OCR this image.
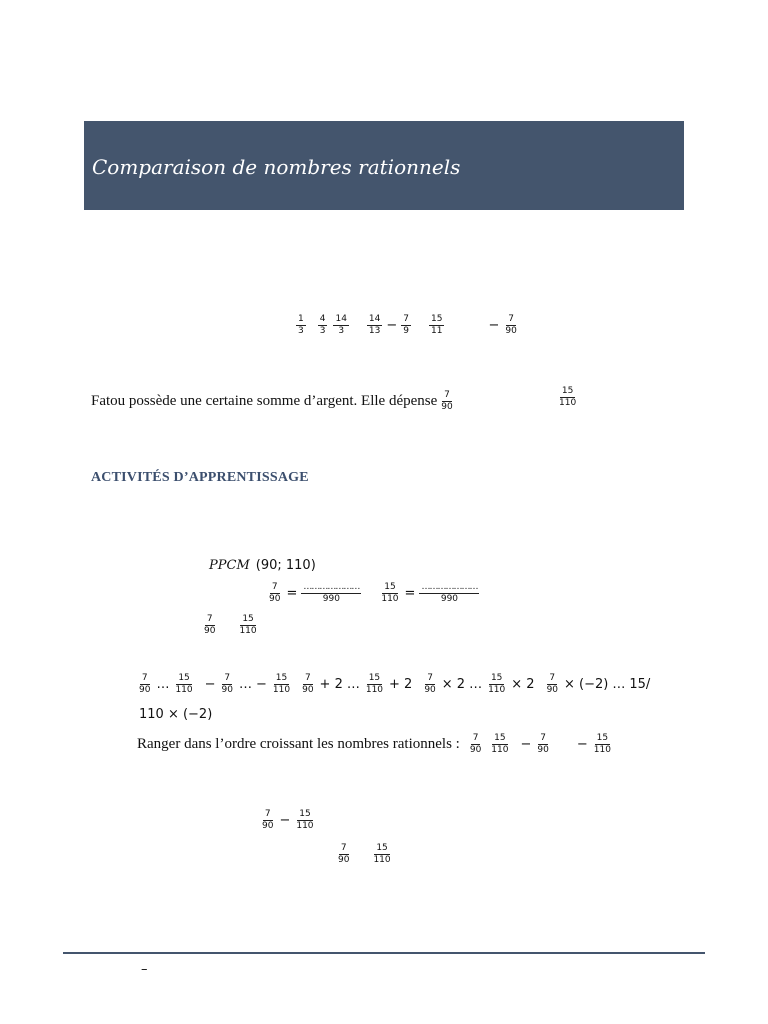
Comparaison de nombres rationnels
$\frac{1}{3} \frac{4}{3} \frac{14}{3} \frac{14}{13} - \frac{7}{9} \frac{15}{11}$	− $\frac{7}{90}$
Fatou possède une certaine somme d’argent. Elle dépense $\frac{7}{90}$	$\frac{15}{110}$
ACTIVITÉS D’APPRENTISSAGE
PPCM (90; 110)
$\frac{7}{90} = \frac{\dots\dots\dots\dots\dots\dots\dots}{990} \frac{15}{110} = \frac{\dots\dots\dots\dots\dots\dots\dots}{990}$
$\frac{7}{90} \frac{15}{110}$
$\frac{7}{90}$ … $\frac{15}{110} - \frac{7}{90}$ … − $\frac{15}{110} \frac{7}{90} + 2$ … $\frac{15}{110} + 2 \frac{7}{90} \times 2$ … $\frac{15}{110} \times 2 \frac{7}{90} \times (-2)$ … 15/
110 × (−2)
Ranger dans l’ordre croissant les nombres rationnels : $\frac{7}{90} \frac{15}{110} - \frac{7}{90} - \frac{15}{110}$
$\frac{7}{90} - \frac{15}{110}$
$\frac{7}{90} \frac{15}{110}$
–
